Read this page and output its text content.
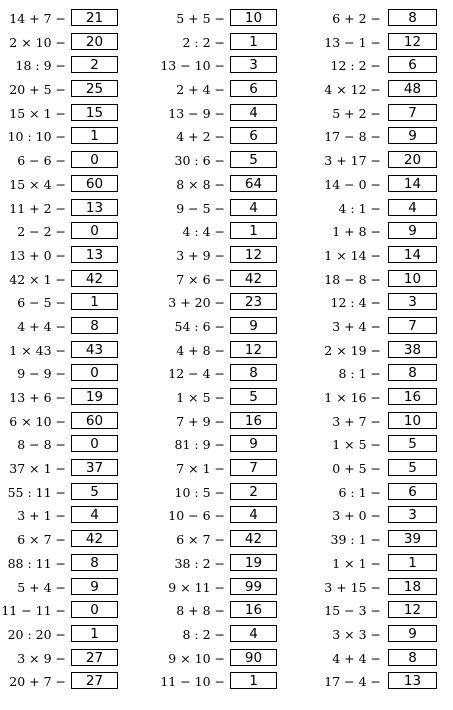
14 + 7 −	21
2 × 10 −	20
18 : 9 −	2
20 + 5 −	25
15 × 1 −	15
10 : 10 −	1
6 − 6 −	0
15 × 4 −	60
11 + 2 −	13
2 − 2 −	0
13 + 0 −	13
42 × 1 −	42
6 − 5 −	1
4 + 4 −	8
1 × 43 −	43
9 − 9 −	0
13 + 6 −	19
6 × 10 −	60
8 − 8 −	0
37 × 1 −	37
55 : 11 −	5
3 + 1 −	4
6 × 7 −	42
88 : 11 −	8
5 + 4 −	9
11 − 11 −	0
20 : 20 −	1
3 × 9 −	27
20 + 7 −	27
5 + 5 −	10
2 : 2 −	1
13 − 10 −	3
2 + 4 −	6
13 − 9 −	4
4 + 2 −	6
30 : 6 −	5
8 × 8 −	64
9 − 5 −	4
4 : 4 −	1
3 + 9 −	12
7 × 6 −	42
3 + 20 −	23
54 : 6 −	9
4 + 8 −	12
12 − 4 −	8
1 × 5 −	5
7 + 9 −	16
81 : 9 −	9
7 × 1 −	7
10 : 5 −	2
10 − 6 −	4
6 × 7 −	42
38 : 2 −	19
9 × 11 −	99
8 + 8 −	16
8 : 2 −	4
9 × 10 −	90
11 − 10 −	1
6 + 2 −	8
13 − 1 −	12
12 : 2 −	6
4 × 12 −	48
5 + 2 −	7
17 − 8 −	9
3 + 17 −	20
14 − 0 −	14
4 : 1 −	4
1 + 8 −	9
1 × 14 −	14
18 − 8 −	10
12 : 4 −	3
3 + 4 −	7
2 × 19 −	38
8 : 1 −	8
1 × 16 −	16
3 + 7 −	10
1 × 5 −	5
0 + 5 −	5
6 : 1 −	6
3 + 0 −	3
39 : 1 −	39
1 × 1 −	1
3 + 15 −	18
15 − 3 −	12
3 × 3 −	9
4 + 4 −	8
17 − 4 −	13
